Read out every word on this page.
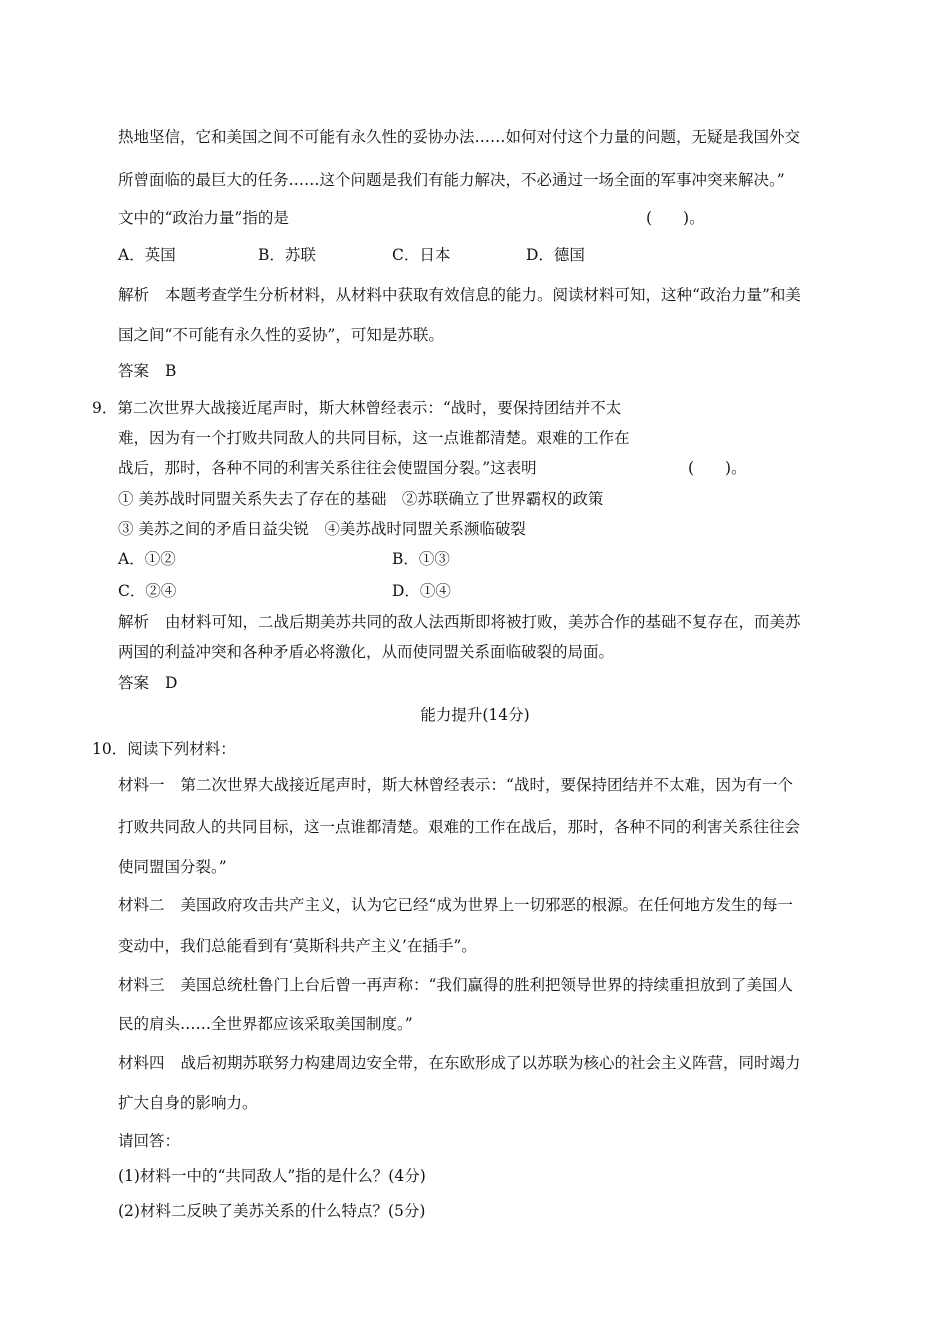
热地坚信，它和美国之间不可能有永久性的妥协办法……如何对付这个力量的问题，无疑是我国外交
所曾面临的最巨大的任务……这个问题是我们有能力解决，不必通过一场全面的军事冲突来解决。”
文中的“政治力量”指的是	(　　)。
A．英国	B．苏联	C．日本	D．德国
解析 本题考查学生分析材料，从材料中获取有效信息的能力。阅读材料可知，这种“政治力量”和美
国之间“不可能有永久性的妥协”，可知是苏联。
答案 B
9．第二次世界大战接近尾声时，斯大林曾经表示：“战时，要保持团结并不太
难，因为有一个打败共同敌人的共同目标，这一点谁都清楚。艰难的工作在
战后，那时，各种不同的利害关系往往会使盟国分裂。”这表明	(　　)。
① 美苏战时同盟关系失去了存在的基础　②苏联确立了世界霸权的政策
③ 美苏之间的矛盾日益尖锐　④美苏战时同盟关系濒临破裂
A．①②	B．①③
C．②④	D．①④
解析 由材料可知，二战后期美苏共同的敌人法西斯即将被打败，美苏合作的基础不复存在，而美苏
两国的利益冲突和各种矛盾必将激化，从而使同盟关系面临破裂的局面。
答案 D
能力提升(14分)
10．阅读下列材料：
材料一 第二次世界大战接近尾声时，斯大林曾经表示：“战时，要保持团结并不太难，因为有一个
打败共同敌人的共同目标，这一点谁都清楚。艰难的工作在战后，那时，各种不同的利害关系往往会
使同盟国分裂。”
材料二 美国政府攻击共产主义，认为它已经“成为世界上一切邪恶的根源。在任何地方发生的每一
变动中，我们总能看到有‘莫斯科共产主义’在插手”。
材料三 美国总统杜鲁门上台后曾一再声称：“我们赢得的胜利把领导世界的持续重担放到了美国人
民的肩头……全世界都应该采取美国制度。”
材料四 战后初期苏联努力构建周边安全带，在东欧形成了以苏联为核心的社会主义阵营，同时竭力
扩大自身的影响力。
请回答：
(1)材料一中的“共同敌人”指的是什么？(4分)
(2)材料二反映了美苏关系的什么特点？(5分)
